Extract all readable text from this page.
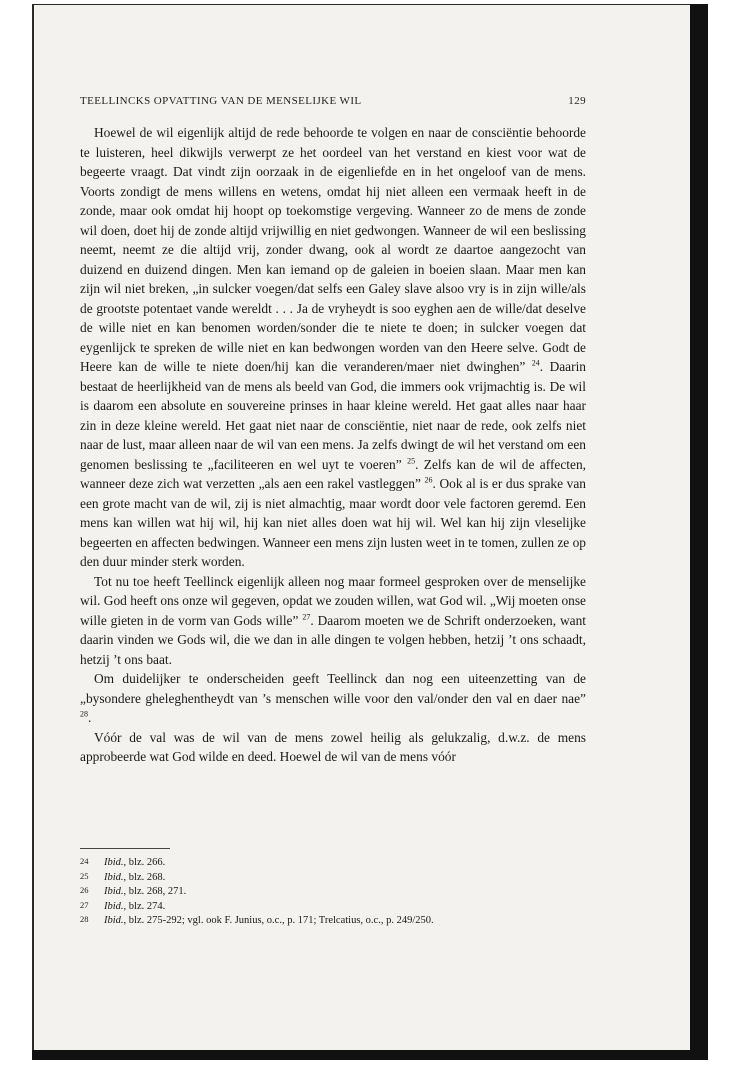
TEELLINCKS OPVATTING VAN DE MENSELIJKE WIL	129

Hoewel de wil eigenlijk altijd de rede behoorde te volgen en naar de consciëntie behoorde te luisteren, heel dikwijls verwerpt ze het oordeel van het verstand en kiest voor wat de begeerte vraagt. Dat vindt zijn oorzaak in de eigenliefde en in het ongeloof van de mens. Voorts zondigt de mens willens en wetens, omdat hij niet alleen een vermaak heeft in de zonde, maar ook omdat hij hoopt op toekomstige vergeving. Wanneer zo de mens de zonde wil doen, doet hij de zonde altijd vrijwillig en niet gedwongen. Wanneer de wil een beslissing neemt, neemt ze die altijd vrij, zonder dwang, ook al wordt ze daartoe aangezocht van duizend en duizend dingen. Men kan iemand op de galeien in boeien slaan. Maar men kan zijn wil niet breken, „in sulcker voegen/dat selfs een Galey slave alsoo vry is in zijn wille/als de grootste potentaet vande wereldt . . . Ja de vryheydt is soo eyghen aen de wille/dat deselve de wille niet en kan benomen worden/sonder die te niete te doen; in sulcker voegen dat eygenlijck te spreken de wille niet en kan bedwongen worden van den Heere selve. Godt de Heere kan de wille te niete doen/hij kan die veranderen/maer niet dwinghen” $^{24}$. Daarin bestaat de heerlijkheid van de mens als beeld van God, die immers ook vrijmachtig is. De wil is daarom een absolute en souvereine prinses in haar kleine wereld. Het gaat alles naar haar zin in deze kleine wereld. Het gaat niet naar de consciëntie, niet naar de rede, ook zelfs niet naar de lust, maar alleen naar de wil van een mens. Ja zelfs dwingt de wil het verstand om een genomen beslissing te „faciliteeren en wel uyt te voeren” $^{25}$. Zelfs kan de wil de affecten, wanneer deze zich wat verzetten „als aen een rakel vastleggen” $^{26}$. Ook al is er dus sprake van een grote macht van de wil, zij is niet almachtig, maar wordt door vele factoren geremd. Een mens kan willen wat hij wil, hij kan niet alles doen wat hij wil. Wel kan hij zijn vleselijke begeerten en affecten bedwingen. Wanneer een mens zijn lusten weet in te tomen, zullen ze op den duur minder sterk worden.

Tot nu toe heeft Teellinck eigenlijk alleen nog maar formeel gesproken over de menselijke wil. God heeft ons onze wil gegeven, opdat we zouden willen, wat God wil. „Wij moeten onse wille gieten in de vorm van Gods wille” $^{27}$. Daarom moeten we de Schrift onderzoeken, want daarin vinden we Gods wil, die we dan in alle dingen te volgen hebben, hetzij ’t ons schaadt, hetzij ’t ons baat.

Om duidelijker te onderscheiden geeft Teellinck dan nog een uiteenzetting van de „bysondere gheleghentheydt van ’s menschen wille voor den val/onder den val en daer nae” $^{28}$.

Vóór de val was de wil van de mens zowel heilig als gelukzalig, d.w.z. de mens approbeerde wat God wilde en deed. Hoewel de wil van de mens vóór

24 Ibid., blz. 266.
25 Ibid., blz. 268.
26 Ibid., blz. 268, 271.
27 Ibid., blz. 274.
28 Ibid., blz. 275-292; vgl. ook F. Junius, o.c., p. 171; Trelcatius, o.c., p. 249/250.
